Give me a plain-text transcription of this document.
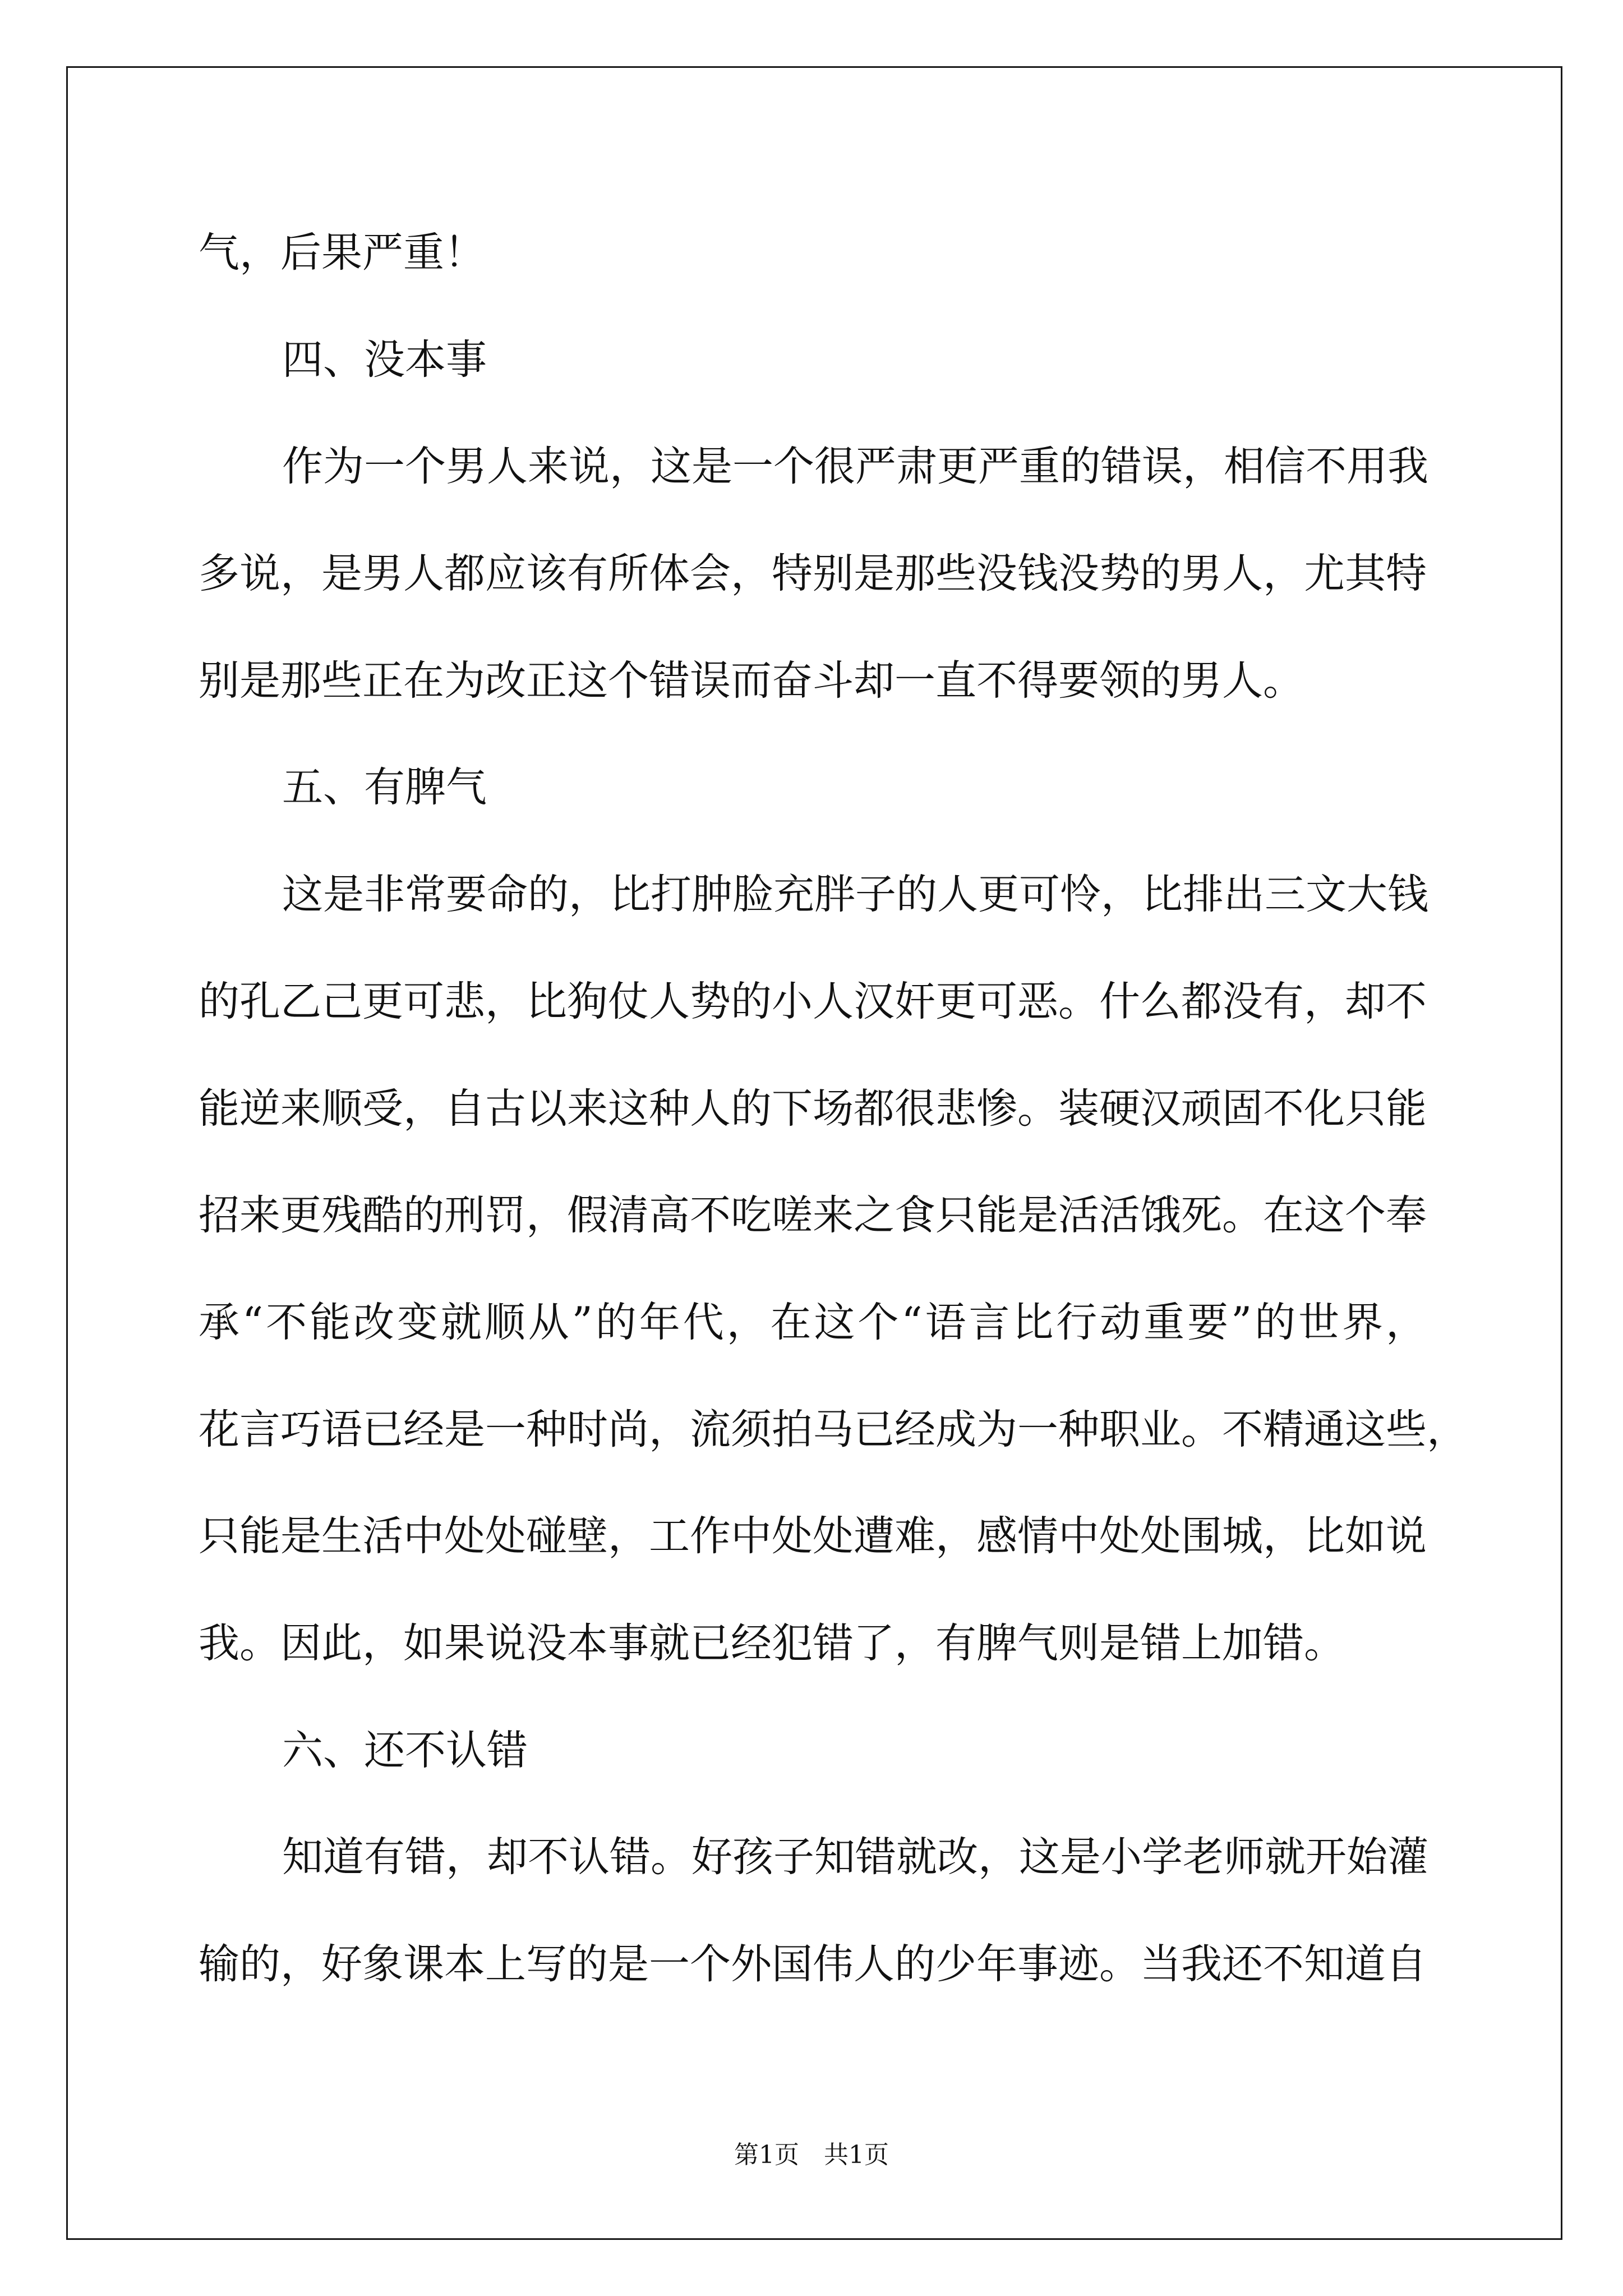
气，后果严重！
四、没本事
作为一个男人来说，这是一个很严肃更严重的错误，相信不用我
多说，是男人都应该有所体会，特别是那些没钱没势的男人，尤其特
别是那些正在为改正这个错误而奋斗却一直不得要领的男人。
五、有脾气
这是非常要命的，比打肿脸充胖子的人更可怜，比排出三文大钱
的孔乙己更可悲，比狗仗人势的小人汉奸更可恶。什么都没有，却不
能逆来顺受，自古以来这种人的下场都很悲惨。装硬汉顽固不化只能
招来更残酷的刑罚，假清高不吃嗟来之食只能是活活饿死。在这个奉
承“不能改变就顺从”的年代，在这个“语言比行动重要”的世界，
花言巧语已经是一种时尚，流须拍马已经成为一种职业。不精通这些，
只能是生活中处处碰壁，工作中处处遭难，感情中处处围城，比如说
我。因此，如果说没本事就已经犯错了，有脾气则是错上加错。
六、还不认错
知道有错，却不认错。好孩子知错就改，这是小学老师就开始灌
输的，好象课本上写的是一个外国伟人的少年事迹。当我还不知道自
第1页　共1页
